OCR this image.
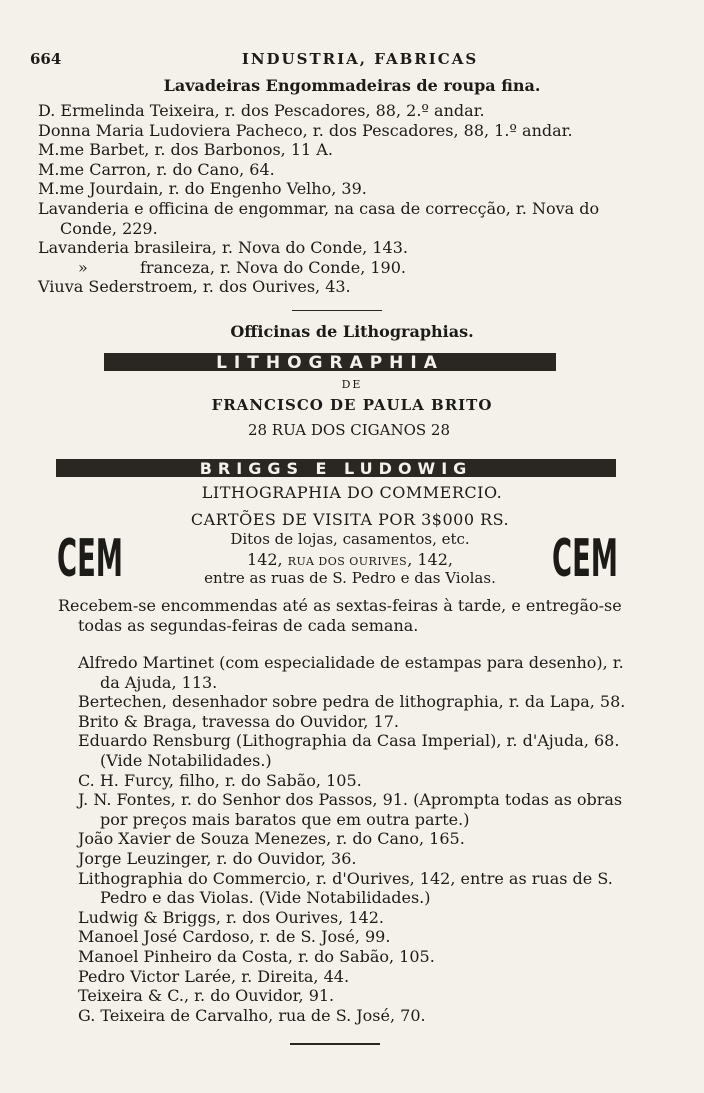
664	INDUSTRIA, FABRICAS
Lavadeiras Engommadeiras de roupa fina.
D. Ermelinda Teixeira, r. dos Pescadores, 88, 2.º andar.
Donna Maria Ludoviera Pacheco, r. dos Pescadores, 88, 1.º andar.
M.me Barbet, r. dos Barbonos, 11 A.
M.me Carron, r. do Cano, 64.
M.me Jourdain, r. do Engenho Velho, 39.
Lavanderia e officina de engommar, na casa de correcção, r. Nova do Conde, 229.
Lavanderia brasileira, r. Nova do Conde, 143.
»	franceza, r. Nova do Conde, 190.
Viuva Sederstroem, r. dos Ourives, 43.
Officinas de Lithographias.
LITHOGRAPHIA
DE
FRANCISCO DE PAULA BRITO
28 RUA DOS CIGANOS 28
BRIGGS E LUDOWIG
LITHOGRAPHIA DO COMMERCIO.
CEM	CEM
CARTÕES DE VISITA POR 3$000 RS.
Ditos de lojas, casamentos, etc.
142, RUA DOS OURIVES, 142,
entre as ruas de S. Pedro e das Violas.
Recebem-se encommendas até as sextas-feiras à tarde, e entregão-se
todas as segundas-feiras de cada semana.
Alfredo Martinet (com especialidade de estampas para desenho), r. da Ajuda, 113.
Bertechen, desenhador sobre pedra de lithographia, r. da Lapa, 58.
Brito & Braga, travessa do Ouvidor, 17.
Eduardo Rensburg (Lithographia da Casa Imperial), r. d'Ajuda, 68. (Vide Notabilidades.)
C. H. Furcy, filho, r. do Sabão, 105.
J. N. Fontes, r. do Senhor dos Passos, 91. (Apromptа todas as obras por preços mais baratos que em outra parte.)
João Xavier de Souza Menezes, r. do Cano, 165.
Jorge Leuzinger, r. do Ouvidor, 36.
Lithographia do Commercio, r. d'Ourives, 142, entre as ruas de S. Pedro e das Violas. (Vide Notabilidades.)
Ludwig & Briggs, r. dos Ourives, 142.
Manoel José Cardoso, r. de S. José, 99.
Manoel Pinheiro da Costa, r. do Sabão, 105.
Pedro Victor Larée, r. Direita, 44.
Teixeira & C., r. do Ouvidor, 91.
G. Teixeira de Carvalho, rua de S. José, 70.
